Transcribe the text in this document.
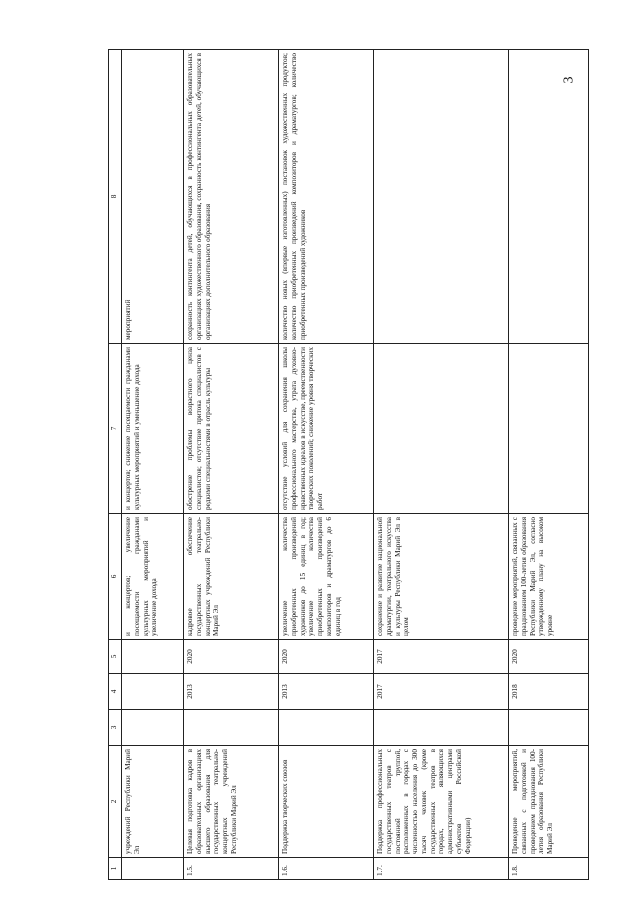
3
1	2	3	4	5	6	7	8
	учреждений Республики Марий Эл				и концертов; увеличение посещаемости гражданами культурных мероприятий и увеличение дохода	и концертов; снижение посещаемости гражданами культурных мероприятий и уменьшение дохода	мероприятий
1.5.	Целевая подготовка кадров в образовательных организациях высшего образования для государственных театрально-концертных учреждений Республики Марий Эл		2013	2020	кадровое обеспечение государственных театрально-концертных учреждений Республики Марий Эл	обострение проблемы возрастного ценза специалистов; отсутствие притока специалистов с редкими специальностями в отрасль культуры	сохранность контингента детей, обучающихся в профессиональных образовательных организациях художественного образования, сохранность контингента детей, обучающихся в организациях дополнительного образования
1.6.	Поддержка творческих союзов		2013	2020	увеличение количества приобретенных произведений художников до 15 единиц в год; увеличение количества приобретенных произведений композиторов и драматургов до 6 единиц в год	отсутствие условий для сохранения школы профессионального мастерства, утрата духовно-нравственных идеалов в искусстве, преемственности творческих поколений; снижение уровня творческих работ	количество новых (впервые изготовленных) постановок художественных продуктов; количество приобретенных произведений композиторов и драматургов; количество приобретенных произведений художников
1.7.	Поддержка профессиональных государственных театров с постоянной труппой, расположенных в городах с численностью населения до 300 тысяч человек (кроме государственных театров в городах, являющихся административными центрами субъектов Российской Федерации)		2017	2017	сохранение и развитие национальной драматургии, театрального искусства и культуры Республики Марий Эл в целом		
1.8.	Проведение мероприятий, связанных с подготовкой и проведением празднования 100-летия образования Республики Марий Эл		2018	2020	проведение мероприятий, связанных с празднованием 100-летия образования Республики Марий Эл, согласно утвержденному плану на высоком уровне		
